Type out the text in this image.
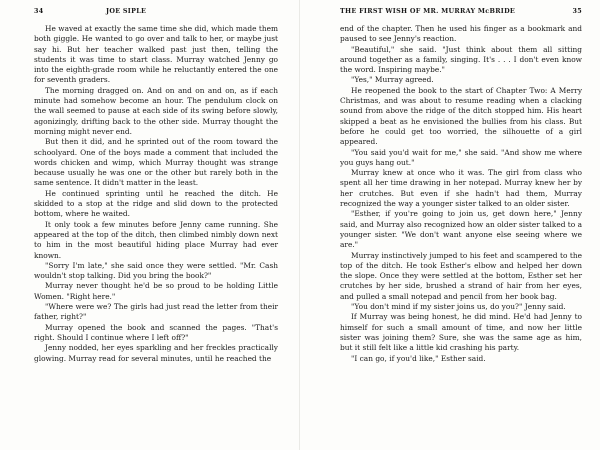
34	JOE SIPLE

He waved at exactly the same time she did, which made them both giggle. He wanted to go over and talk to her, or maybe just say hi. But her teacher walked past just then, telling the students it was time to start class. Murray watched Jenny go into the eighth-grade room while he reluctantly entered the one for seventh graders.

The morning dragged on. And on and on and on, as if each minute had somehow become an hour. The pendulum clock on the wall seemed to pause at each side of its swing before slowly, agonizingly, drifting back to the other side. Murray thought the morning might never end.

But then it did, and he sprinted out of the room toward the schoolyard. One of the boys made a comment that included the words chicken and wimp, which Murray thought was strange because usually he was one or the other but rarely both in the same sentence. It didn't matter in the least.

He continued sprinting until he reached the ditch. He skidded to a stop at the ridge and slid down to the protected bottom, where he waited.

It only took a few minutes before Jenny came running. She appeared at the top of the ditch, then climbed nimbly down next to him in the most beautiful hiding place Murray had ever known.

"Sorry I'm late," she said once they were settled. "Mr. Cash wouldn't stop talking. Did you bring the book?"

Murray never thought he'd be so proud to be holding Little Women. "Right here."

"Where were we? The girls had just read the letter from their father, right?"

Murray opened the book and scanned the pages. "That's right. Should I continue where I left off?"

Jenny nodded, her eyes sparkling and her freckles practically glowing. Murray read for several minutes, until he reached the

THE FIRST WISH OF MR. MURRAY McBRIDE	35

end of the chapter. Then he used his finger as a bookmark and paused to see Jenny's reaction.

"Beautiful," she said. "Just think about them all sitting around together as a family, singing. It's . . . I don't even know the word. Inspiring maybe."

"Yes," Murray agreed.

He reopened the book to the start of Chapter Two: A Merry Christmas, and was about to resume reading when a clacking sound from above the ridge of the ditch stopped him. His heart skipped a beat as he envisioned the bullies from his class. But before he could get too worried, the silhouette of a girl appeared.

"You said you'd wait for me," she said. "And show me where you guys hang out."

Murray knew at once who it was. The girl from class who spent all her time drawing in her notepad. Murray knew her by her crutches. But even if she hadn't had them, Murray recognized the way a younger sister talked to an older sister.

"Esther, if you're going to join us, get down here," Jenny said, and Murray also recognized how an older sister talked to a younger sister. "We don't want anyone else seeing where we are."

Murray instinctively jumped to his feet and scampered to the top of the ditch. He took Esther's elbow and helped her down the slope. Once they were settled at the bottom, Esther set her crutches by her side, brushed a strand of hair from her eyes, and pulled a small notepad and pencil from her book bag.

"You don't mind if my sister joins us, do you?" Jenny said.

If Murray was being honest, he did mind. He'd had Jenny to himself for such a small amount of time, and now her little sister was joining them? Sure, she was the same age as him, but it still felt like a little kid crashing his party.

"I can go, if you'd like," Esther said.
